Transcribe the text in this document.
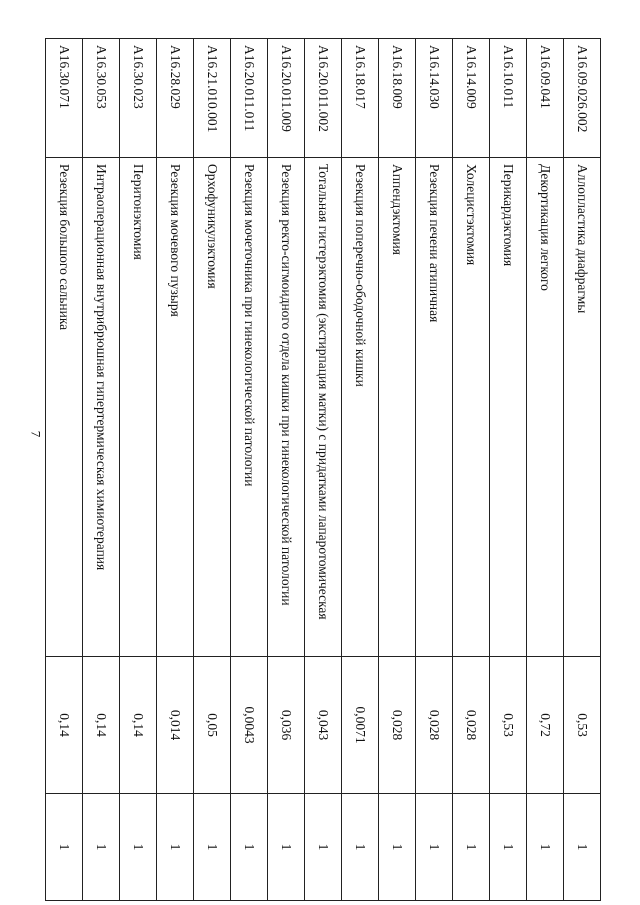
7
A16.09.026.002	Аллопластика диафрагмы	0,53	1
A16.09.041	Декортикация легкого	0,72	1
A16.10.011	Перикардэктомия	0,53	1
A16.14.009	Холецистэктомия	0,028	1
A16.14.030	Резекция печени атипичная	0,028	1
A16.18.009	Аппендэктомия	0,028	1
A16.18.017	Резекция поперечно-ободочной кишки	0,0071	1
A16.20.011.002	Тотальная гистерэктомия (экстирпация матки) с придатками лапаротомическая	0,043	1
A16.20.011.009	Резекция ректо-сигмоидного отдела кишки при гинекологической патологии	0,036	1
A16.20.011.011	Резекция мочеточника при гинекологической патологии	0,0043	1
A16.21.010.001	Орхофуникулэктомия	0,05	1
A16.28.029	Резекция мочевого пузыря	0,014	1
A16.30.023	Перитонэктомия	0,14	1
A16.30.053	Интраоперационная внутрибрюшная гипертермическая химиотерапия	0,14	1
A16.30.071	Резекция большого сальника	0,14	1
